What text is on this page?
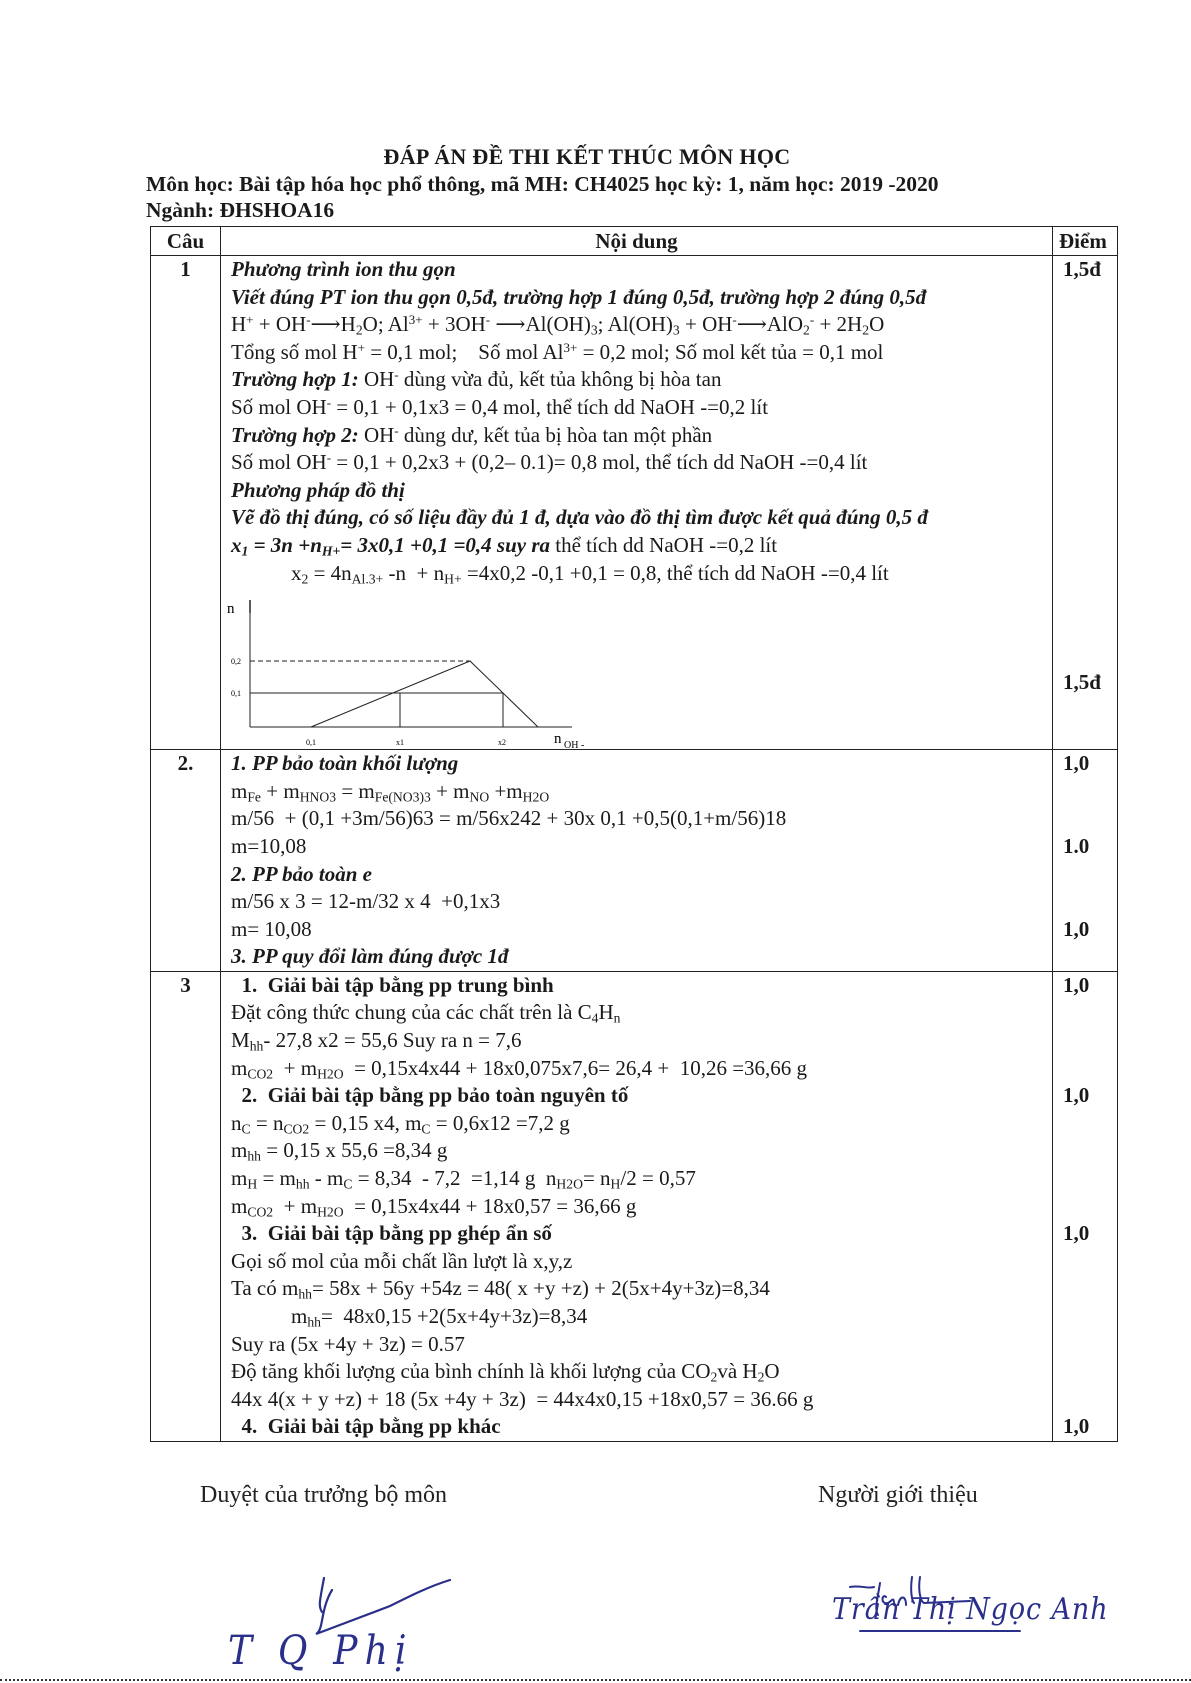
ĐÁP ÁN ĐỀ THI KẾT THÚC MÔN HỌC
Môn học: Bài tập hóa học phổ thông, mã MH: CH4025 học kỳ: 1, năm học: 2019 -2020
Ngành: ĐHSHOA16
Câu	Nội dung	Điểm
1	Phương trình ion thu gọn	1,5đ
Viết đúng PT ion thu gọn 0,5đ, trường hợp 1 đúng 0,5đ, trường hợp 2 đúng 0,5đ
$H^+ + OH^-⟶H_2O$; $Al^{3+} + 3OH^-$ $⟶Al(OH)_3$; $Al(OH)_3$ + OH-⟶AlO$_2$- + $2H_2O$
Tổng số mol H+ = 0,1 mol;    Số mol $Al^{3+} = 0,2$ mol; Số mol kết tủa = 0,1 mol
Trường hợp 1: OH- dùng vừa đủ, kết tủa không bị hòa tan
Số mol OH- = 0,1 + 0,1x3 = 0,4 mol, thể tích dd NaOH -=0,2 lít
Trường hợp 2: OH- dùng dư, kết tủa bị hòa tan một phần
Số mol OH- = 0,1 + 0,2x3 + (0,2– 0.1)= 0,8 mol, thể tích dd NaOH -=0,4 lít
Phương pháp đồ thị
Vẽ đồ thị đúng, có số liệu đầy đủ 1 đ, dựa vào đồ thị tìm được kết quả đúng 0,5 đ
x1 = 3n +nH+= 3x0,1 +0,1 =0,4 suy ra thể tích dd NaOH -=0,2 lít
$x_2 = 4n_{Al.3+}$ $-n + n_{H+} =4x0,2$ -0,1 +0,1 = 0,8, thể tích dd NaOH -=0,4 lít
n
0,2
0,1
0,1	x1	x2	n OH -
1,5đ
2.	1. PP bảo toàn khối lượng	1,0
$m_{Fe} + m_{HNO3} = m_{Fe(NO3)3} + m_{NO} +m_{H2O}$
m/56  + (0,1 +3m/56)63 = m/56x242 + 30x 0,1 +0,5(0,1+m/56)18
m=10,08	1.0
2. PP bảo toàn e
m/56 x 3 = 12-m/32 x 4  +0,1x3
m= 10,08	1,0
3. PP quy đổi làm đúng được 1đ
3	1.  Giải bài tập bằng pp trung bình	1,0
Đặt công thức chung của các chất trên là $C_4H_n$
$M_{hh}-$ 27,8 x2 = 55,6 Suy ra n = 7,6
$m_{CO2} + m_{H2O} = 0,15x4x44 + 18x0,075x7,6= 26,4 + 10,26 =36,66$ g
2.  Giải bài tập bằng pp bảo toàn nguyên tố	1,0
$n_C = n_{CO2} = 0,15$ x4, $m_C = 0,6x12 =7,2$ g
$m_{hh} = 0,15$ x 55,6 =8,34 g
$m_H = m_{hh} - m_C = 8,34 - 7,2 =1,14$ g  $n_{H2O}= n_H/2 = 0,57$
$m_{CO2} + m_{H2O} = 0,15x4x44 + 18x0,57 = 36,66$ g
3.  Giải bài tập bằng pp ghép ẩn số	1,0
Gọi số mol của mỗi chất lần lượt là x,y,z
Ta có $m_{hh}= 58x + 56y +54z = 48$( x +y +z) + 2(5x+4y+3z)=8,34
$m_{hh}= 48x0,15 +2(5x+4y+3z)=8,34$
Suy ra (5x +4y + 3z) = 0.57
Độ tăng khối lượng của bình chính là khối lượng của $CO_2và$ $H_2O$
44x 4(x + y +z) + 18 (5x +4y + 3z)  = 44x4x0,15 +18x0,57 = 36.66 g
4.  Giải bài tập bằng pp khác	1,0
Duyệt của trưởng bộ môn	Người giới thiệu
T Q Phị
Trần Thị Ngọc Anh
